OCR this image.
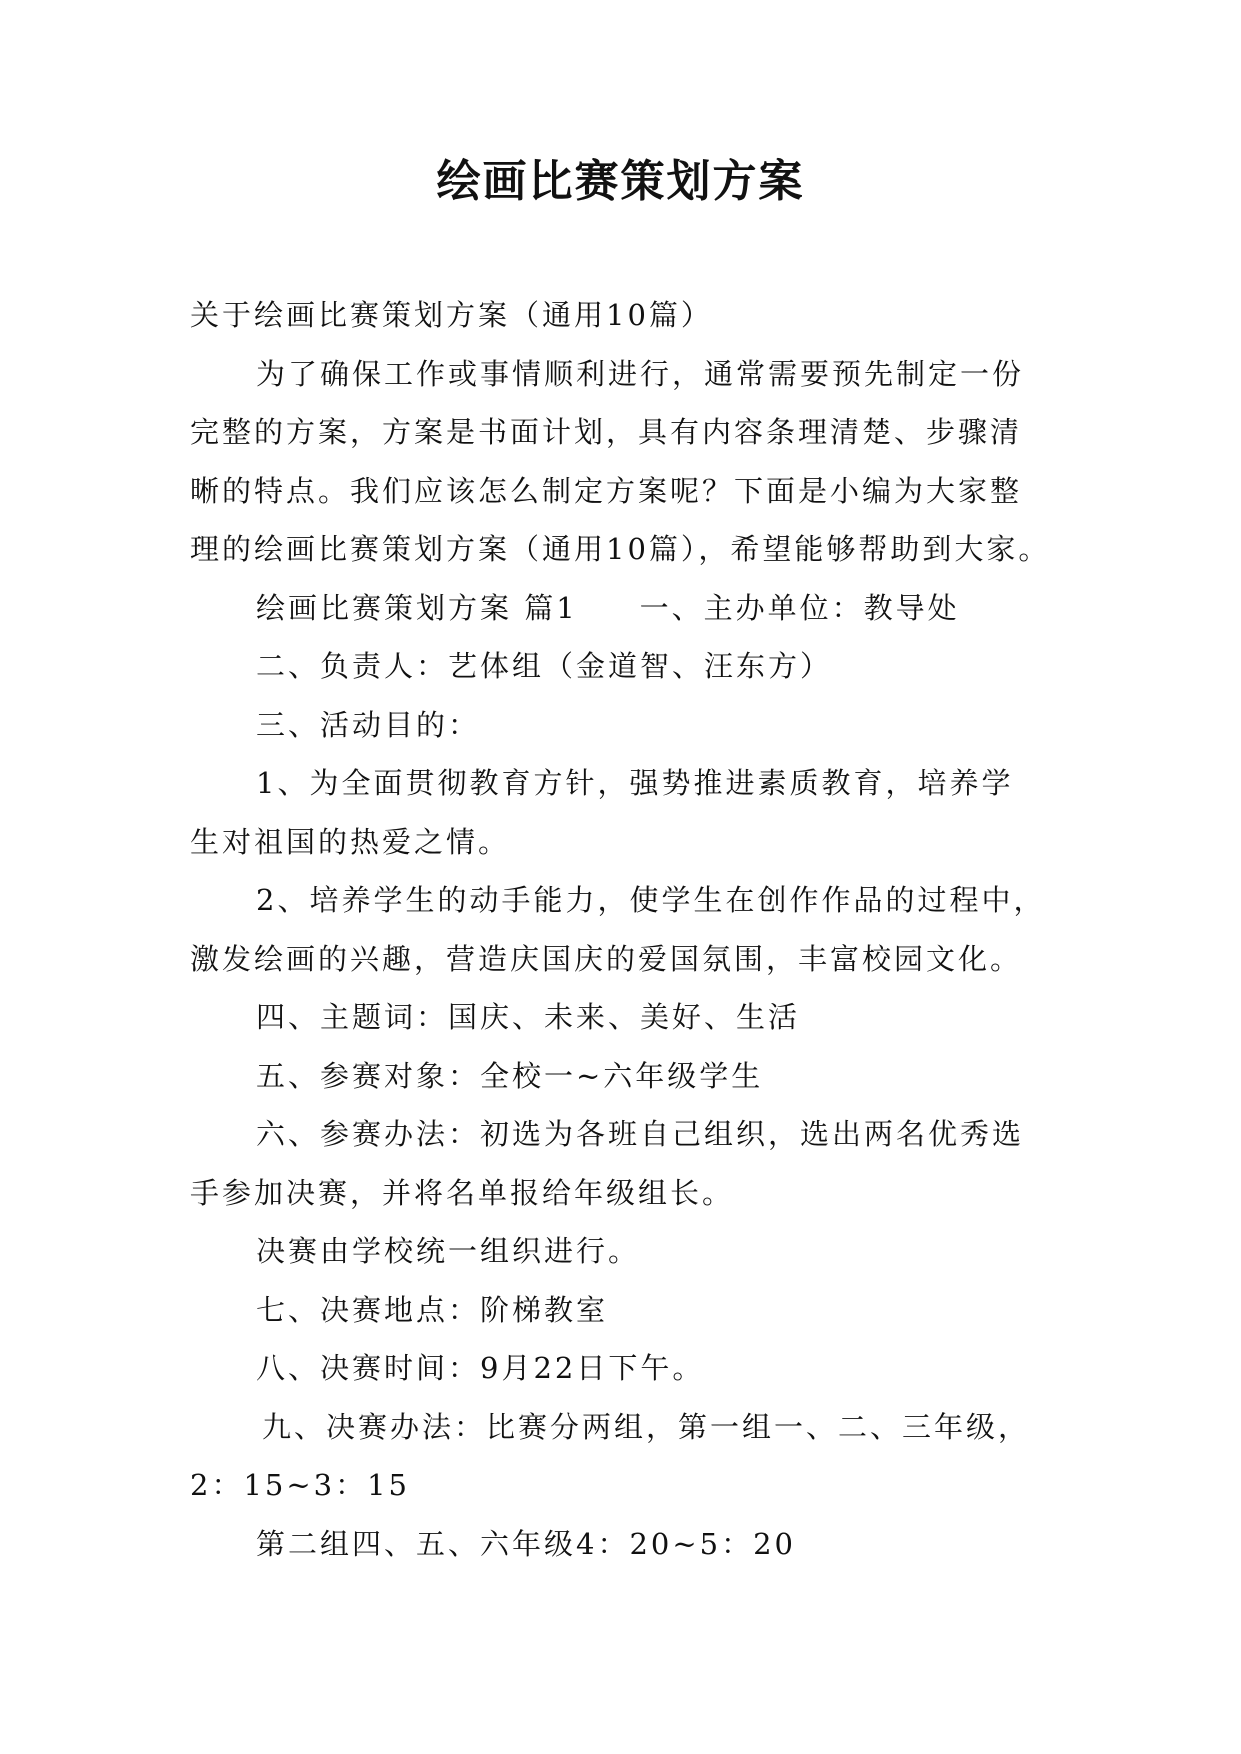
绘画比赛策划方案

关于绘画比赛策划方案（通用10篇）

为了确保工作或事情顺利进行，通常需要预先制定一份

完整的方案，方案是书面计划，具有内容条理清楚、步骤清

晰的特点。我们应该怎么制定方案呢？下面是小编为大家整

理的绘画比赛策划方案（通用10篇），希望能够帮助到大家。

绘画比赛策划方案 篇1 一、主办单位：教导处

二、负责人：艺体组（金道智、汪东方）

三、活动目的：

1、为全面贯彻教育方针，强势推进素质教育，培养学

生对祖国的热爱之情。

2、培养学生的动手能力，使学生在创作作品的过程中，

激发绘画的兴趣，营造庆国庆的爱国氛围，丰富校园文化。

四、主题词：国庆、未来、美好、生活

五、参赛对象：全校一~六年级学生

六、参赛办法：初选为各班自己组织，选出两名优秀选

手参加决赛，并将名单报给年级组长。

决赛由学校统一组织进行。

七、决赛地点：阶梯教室

八、决赛时间：9月22日下午。

九、决赛办法：比赛分两组，第一组一、二、三年级，

2：15~3：15

第二组四、五、六年级4：20~5：20
